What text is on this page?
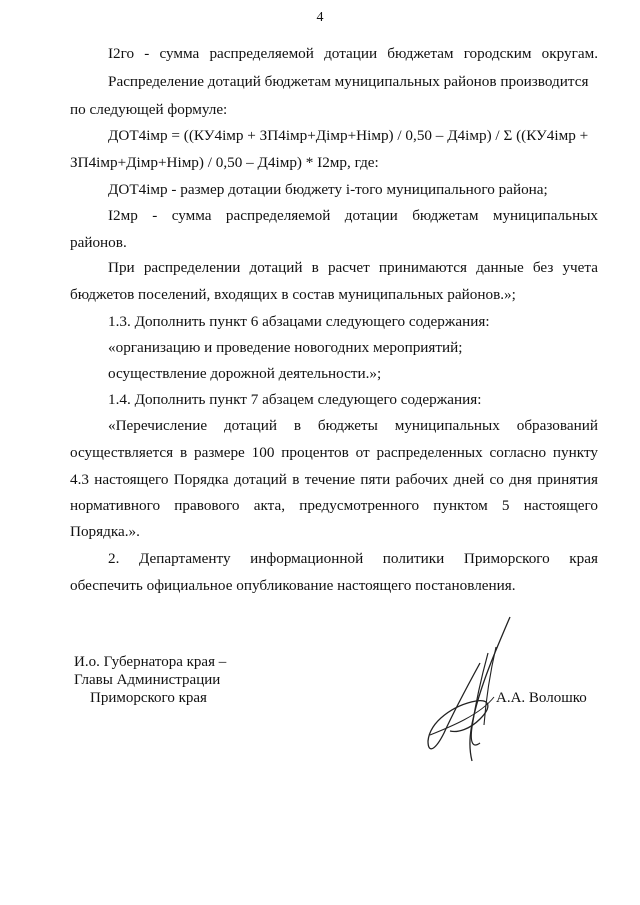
4
I2го - сумма распределяемой дотации бюджетам городским округам.
Распределение дотаций бюджетам муниципальных районов производится
по следующей формуле:
ДОТ4iмр = ((КУ4iмр + ЗП4iмр+Дiмр+Нiмр) / 0,50 – Д4iмр) / Σ ((КУ4iмр +
ЗП4iмр+Дiмр+Нiмр) / 0,50 – Д4iмр) * I2мр, где:
ДОТ4iмр - размер дотации бюджету i-того муниципального района;
I2мр - сумма распределяемой дотации бюджетам муниципальных
районов.
При распределении дотаций в расчет принимаются данные без учета
бюджетов поселений, входящих в состав муниципальных районов.»;
1.3. Дополнить пункт 6 абзацами следующего содержания:
«организацию и проведение новогодних мероприятий;
осуществление дорожной деятельности.»;
1.4. Дополнить пункт 7 абзацем следующего содержания:
«Перечисление дотаций в бюджеты муниципальных образований
осуществляется в размере 100 процентов от распределенных согласно пункту
4.3 настоящего Порядка дотаций в течение пяти рабочих дней со дня принятия
нормативного правового акта, предусмотренного пунктом 5 настоящего
Порядка.».
2. Департаменту информационной политики Приморского края
обеспечить официальное опубликование настоящего постановления.
И.о. Губернатора края –
Главы Администрации
Приморского края	А.А. Волошко
